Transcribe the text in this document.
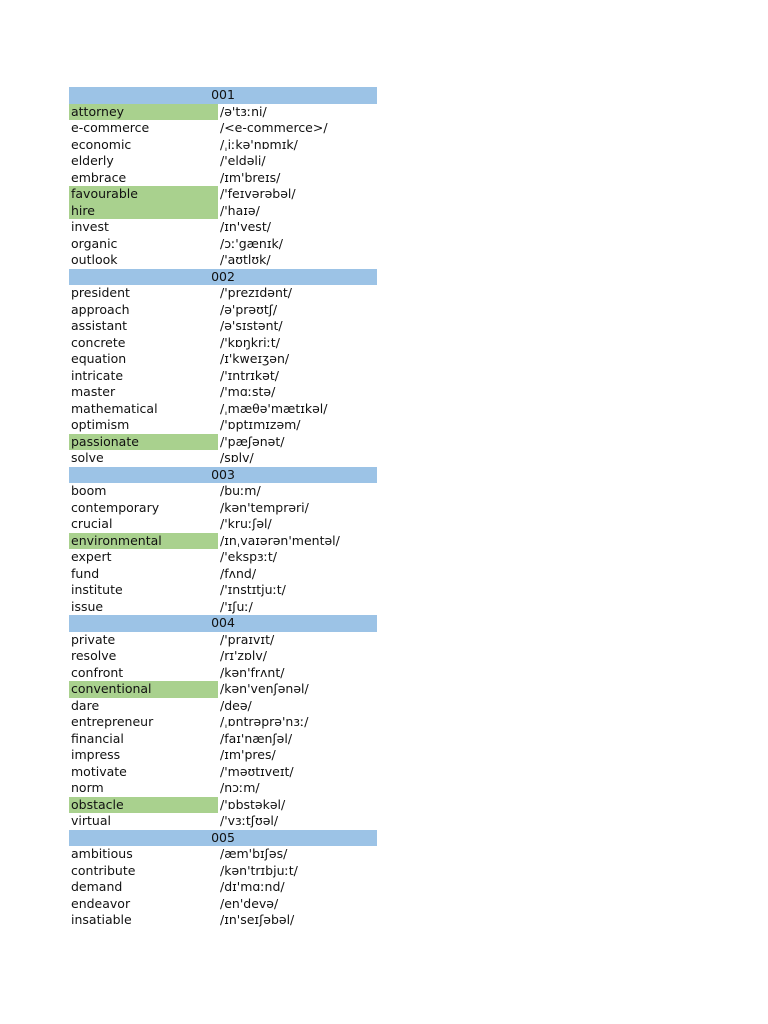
001
attorney	/ə'tɜːni/
e-commerce	/<e-commerce>/
economic	/ˌiːkə'nɒmɪk/
elderly	/'eldəli/
embrace	/ɪm'breɪs/
favourable	/'feɪvərəbəl/
hire	/'haɪə/
invest	/ɪn'vest/
organic	/ɔː'gænɪk/
outlook	/'aʊtlʊk/
002
president	/'prezɪdənt/
approach	/ə'prəʊtʃ/
assistant	/ə'sɪstənt/
concrete	/'kɒŋkriːt/
equation	/ɪ'kweɪʒən/
intricate	/'ɪntrɪkət/
master	/'mɑːstə/
mathematical	/ˌmæθə'mætɪkəl/
optimism	/'ɒptɪmɪzəm/
passionate	/'pæʃənət/
solve	/sɒlv/
003
boom	/buːm/
contemporary	/kən'temprəri/
crucial	/'kruːʃəl/
environmental	/ɪnˌvaɪərən'mentəl/
expert	/'ekspɜːt/
fund	/fʌnd/
institute	/'ɪnstɪtjuːt/
issue	/'ɪʃuː/
004
private	/'praɪvɪt/
resolve	/rɪ'zɒlv/
confront	/kən'frʌnt/
conventional	/kən'venʃənəl/
dare	/deə/
entrepreneur	/ˌɒntrəprə'nɜː/
financial	/faɪ'nænʃəl/
impress	/ɪm'pres/
motivate	/'məʊtɪveɪt/
norm	/nɔːm/
obstacle	/'ɒbstəkəl/
virtual	/'vɜːtʃʊəl/
005
ambitious	/æm'bɪʃəs/
contribute	/kən'trɪbjuːt/
demand	/dɪ'mɑːnd/
endeavor	/en'devə/
insatiable	/ɪn'seɪʃəbəl/
